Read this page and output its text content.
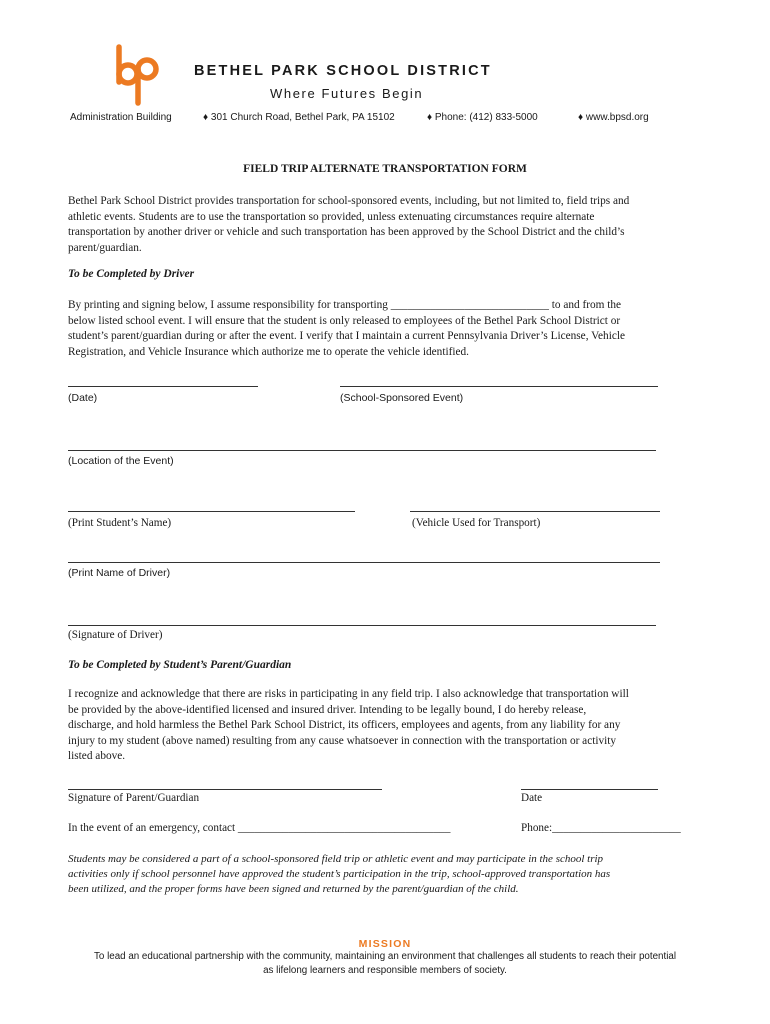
BETHEL PARK SCHOOL DISTRICT
Where Futures Begin
Administration Building	♦ 301 Church Road, Bethel Park, PA 15102	♦ Phone: (412) 833-5000	♦ www.bpsd.org
FIELD TRIP ALTERNATE TRANSPORTATION FORM

Bethel Park School District provides transportation for school-sponsored events, including, but not limited to, field trips and
athletic events. Students are to use the transportation so provided, unless extenuating circumstances require alternate
transportation by another driver or vehicle and such transportation has been approved by the School District and the child’s
parent/guardian.

To be Completed by Driver

By printing and signing below, I assume responsibility for transporting ____________________________ to and from the
below listed school event. I will ensure that the student is only released to employees of the Bethel Park School District or
student’s parent/guardian during or after the event. I verify that I maintain a current Pennsylvania Driver’s License, Vehicle
Registration, and Vehicle Insurance which authorize me to operate the vehicle identified.

(Date)	(School-Sponsored Event)
(Location of the Event)
(Print Student’s Name)	(Vehicle Used for Transport)
(Print Name of Driver)
(Signature of Driver)
To be Completed by Student’s Parent/Guardian

I recognize and acknowledge that there are risks in participating in any field trip. I also acknowledge that transportation will
be provided by the above-identified licensed and insured driver. Intending to be legally bound, I do hereby release,
discharge, and hold harmless the Bethel Park School District, its officers, employees and agents, from any liability for any
injury to my student (above named) resulting from any cause whatsoever in connection with the transportation or activity
listed above.

Signature of Parent/Guardian	Date
In the event of an emergency, contact ______________________________________	Phone:_______________________
Students may be considered a part of a school-sponsored field trip or athletic event and may participate in the school trip
activities only if school personnel have approved the student’s participation in the trip, school-approved transportation has
been utilized, and the proper forms have been signed and returned by the parent/guardian of the child.
MISSION
To lead an educational partnership with the community, maintaining an environment that challenges all students to reach their potential
as lifelong learners and responsible members of society.
